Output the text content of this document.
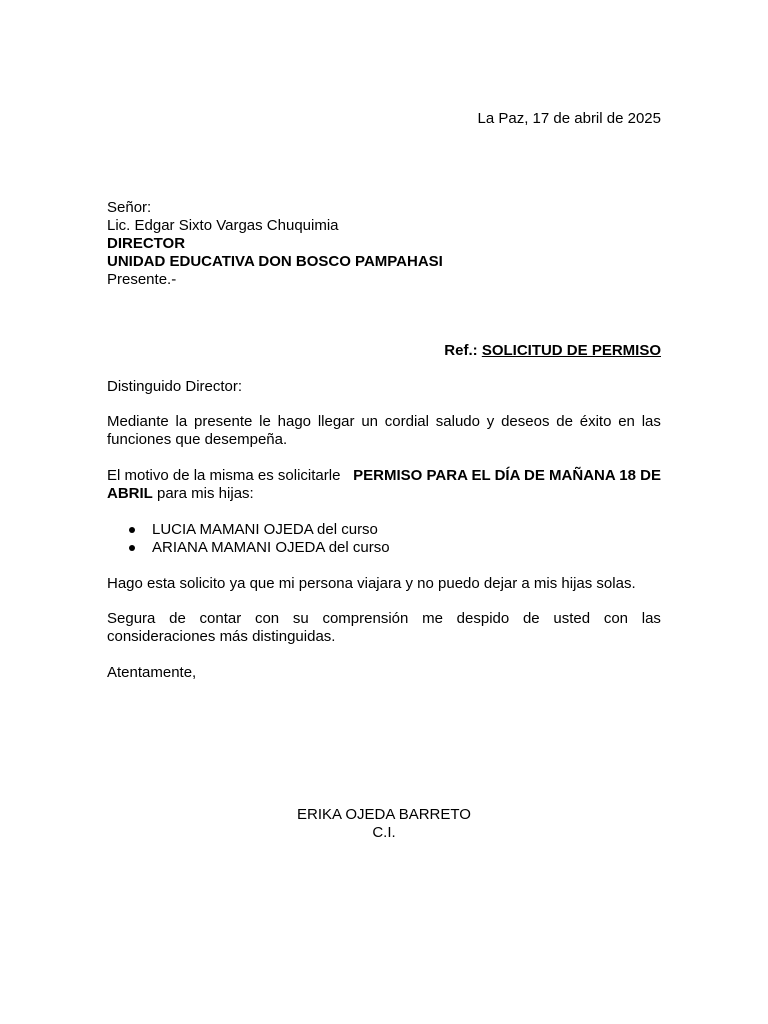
La Paz, 17 de abril de 2025
Señor:
Lic. Edgar Sixto Vargas Chuquimia
DIRECTOR
UNIDAD EDUCATIVA DON BOSCO PAMPAHASI
Presente.-
Ref.: SOLICITUD DE PERMISO
Distinguido Director:
Mediante la presente le hago llegar un cordial saludo y deseos de éxito en las
funciones que desempeña.
El motivo de la misma es solicitarle PERMISO PARA EL DÍA DE MAÑANA 18 DE
ABRIL para mis hijas:
LUCIA MAMANI OJEDA del curso
ARIANA MAMANI OJEDA del curso
Hago esta solicito ya que mi persona viajara y no puedo dejar a mis hijas solas.
Segura de contar con su comprensión me despido de usted con las
consideraciones más distinguidas.
Atentamente,
ERIKA OJEDA BARRETO
C.I.
